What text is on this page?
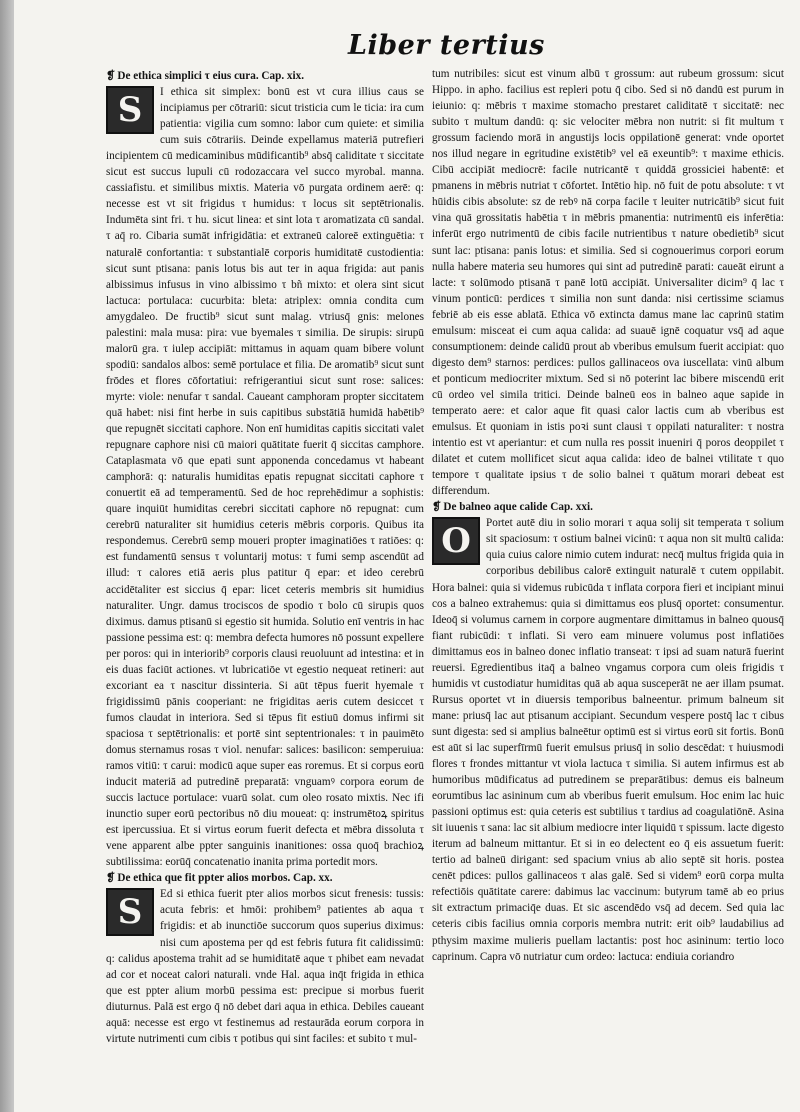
Liber tertius
❡ De ethica simplici τ eius cura. Cap. xix.
S	I ethica sit simplex: bonū est vt cura illius caus se incipiamus per cōtrariū: sicut tristicia cum le ticia: ira cum patientia: vigilia cum somno: labor cum quiete: et similia cum suis cōtrariis. Deinde expellamus materiā putrefieri incipientem cū medicaminibus mūdificantib⁹ absq̄ caliditate τ siccitate sicut est succus lupuli cū rodozaccara vel succo myrobal. manna. cassiafistu. et similibus mixtis. Materia vō purgata ordinem aerē: q: necesse est vt sit frigidus τ humidus: τ locus sit septētrionalis. Indumēta sint fri. τ hu. sicut linea: et sint lota τ aromatizata cū sandal. τ aq̄ ro. Cibaria sumāt infrigidātia: et extraneū caloreē extinguētia: τ naturalē confortantia: τ substantialē corporis humiditatē custodientia: sicut sunt ptisana: panis lotus bis aut ter in aqua frigida: aut panis albissimus infusus in vino albissimo τ bñ mixto: et olera sint sicut lactuca: portulaca: cucurbita: bleta: atriplex: omnia condita cum amygdaleo. De fructib⁹ sicut sunt malag. vtriusq̄ gnis: melones palestini: mala musa: pira: vue byemales τ similia. De sirupis: sirupū malorū gra. τ iulep accipiāt: mittamus in aquam quam bibere volunt spodiū: sandalos albos: semē portulace et filia. De aromatib⁹ sicut sunt frōdes et flores cōfortatiui: refrigerantiui sicut sunt rose: salices: myrte: viole: nenufar τ sandal. Caueant camphoram propter siccitatem quā habet: nisi fint herbe in suis capitibus substātiā humidā habētib⁹ que repugnēt siccitati caphore. Non enī humiditas capitis siccitati valet repugnare caphore nisi cū maiori quātitate fuerit q̄ siccitas camphore. Cataplasmata vō que epati sunt apponenda concedamus vt habeant camphorā: q: naturalis humiditas epatis repugnat siccitati caphore τ conuertit eā ad temperamentū. Sed de hoc reprehēdimur a sophistis: quare inquiūt humiditas cerebri siccitati caphore nō repugnat: cum cerebrū naturaliter sit humidius ceteris mēbris corporis. Quibus ita respondemus. Cerebrū semp moueri propter imaginatiōes τ ratiōes: q: est fundamentū sensus τ voluntarij motus: τ fumi semp ascendūt ad illud: τ calores etiā aeris plus patitur q̄ epar: et ideo cerebrū accidētaliter est siccius q̄ epar: licet ceteris membris sit humidius naturaliter. Ungr. damus trociscos de spodio τ bolo cū sirupis quos diximus. damus ptisanū si egestio sit humida. Solutio enī ventris in hac passione pessima est: q: membra defecta humores nō possunt expellere per poros: qui in interiorib⁹ corporis clausi reuoluunt ad intestina: et in eis duas faciūt actiones. vt lubricatiōe vt egestio nequeat retineri: aut excoriant ea τ nascitur dissinteria. Si aūt tēpus fuerit hyemale τ frigidissimū pānis cooperiant: ne frigiditas aeris cutem desiccet τ fumos claudat in interiora. Sed si tēpus fit estiuū domus infirmi sit spaciosa τ septētrionalis: et portē sint septentrionales: τ in pauimēto domus sternamus rosas τ viol. nenufar: salices: basilicon: semperuiua: ramos vitiū: τ carui: modicū aque super eas roremus. Et si corpus eorū inducit materiā ad putredinē preparatā: vnguamꝰ corpora eorum de succis lactuce portulace: vuarū solat. cum oleo rosato mixtis. Nec ifi inunctio super eorū pectoribus nō diu moueat: q: instrumētoꝝ spiritus est ipercussiua. Et si virtus eorum fuerit defecta et mēbra dissoluta τ vene apparent albe ppter sanguinis inanitiones: ossa quoq̄ brachioꝝ subtilissima: eorūq̄ concatenatio inanita prima portedit mors.

❡ De ethica que fit ppter alios morbos. Cap. xx.
S	Ed si ethica fuerit pter alios morbos sicut frenesis: tussis: acuta febris: et hmōi: prohibem⁹ patientes ab aqua τ frigidis: et ab inunctiōe succorum quos superius diximus: nisi cum apostema per qd est febris futura fit calidissimū: q: calidus apostema trahit ad se humiditatē aque τ phibet eam nevadat ad cor et noceat calori naturali. vnde Hal. aqua inq̄t frigida in ethica que est ppter alium morbū pessima est: precipue si morbus fuerit diuturnus. Palā est ergo q̄ nō debet dari aqua in ethica. Debiles caueant aquā: necesse est ergo vt festinemus ad restaurāda eorum corpora in virtute nutrimenti cum cibis τ potibus qui sint faciles: et subito τ mul-

tum nutribiles: sicut est vinum albū τ grossum: aut rubeum grossum: sicut Hippo. in apho. facilius est repleri potu q̄ cibo. Sed si nō dandū est purum in ieiunio: q: mēbris τ maxime stomacho prestaret caliditatē τ siccitatē: nec subito τ multum dandū: q: sic velociter mēbra non nutrit: si fit multum τ grossum faciendo morā in angustijs locis oppilationē generat: vnde oportet nos illud negare in egritudine existētib⁹ vel eā exeuntib⁹: τ maxime ethicis. Cibū accipiāt mediocrē: facile nutricantē τ quiddā grossiciei habentē: et pmanens in mēbris nutriat τ cōfortet. Intētio hip. nō fuit de potu absolute: τ vt hūidis cibis absolute: sz de rebꝰ nā corpa facile τ leuiter nutricātib⁹ sicut fuit vina quā grossitatis habētia τ in mēbris pmanentia: nutrimentū eis inferētia: inferūt ergo nutrimentū de cibis facile nutrientibus τ nature obedietib⁹ sicut sunt lac: ptisana: panis lotus: et similia. Sed si cognouerimus corpori eorum nulla habere materia seu humores qui sint ad putredinē parati: caueāt eirunt a lacte: τ solūmodo ptisanā τ panē lotū accipiāt. Universaliter dicim⁹ q̄ lac τ vinum ponticū: perdices τ similia non sunt danda: nisi certissime sciamus febriē ab eis esse ablatā. Ethica vō extincta damus mane lac caprinū statim emulsum: misceat ei cum aqua calida: ad suauē ignē coquatur vsq̄ ad aque consumptionem: deinde calidū prout ab vberibus emulsum fuerit accipiat: quo digesto dem⁹ starnos: perdices: pullos gallinaceos ova iuscellata: vinū album et ponticum mediocriter mixtum. Sed si nō poterint lac bibere miscendū erit cū ordeo vel simila tritici. Deinde balneū eos in balneo aque sapide in temperato aere: et calor aque fit quasi calor lactis cum ab vberibus est emulsus. Et quoniam in istis poꝛi sunt clausi τ oppilati naturaliter: τ nostra intentio est vt aperiantur: et cum nulla res possit inueniri q̄ poros deoppilet τ dilatet et cutem mollificet sicut aqua calida: ideo de balnei vtilitate τ quo tempore τ qualitate ipsius τ de solio balnei τ quātum morari debeat est differendum.

❡ De balneo aque calide Cap. xxi.
O	Portet autē diu in solio morari τ aqua solij sit temperata τ solium sit spaciosum: τ ostium balnei vicinū: τ aqua non sit multū calida: quia cuius calore nimio cutem indurat: necq̄ multus frigida quia in corporibus debilibus calorē extinguit naturalē τ cutem oppilabit. Hora balnei: quia si videmus rubicūda τ inflata corpora fieri et incipiant minui cos a balneo extrahemus: quia si dimittamus eos plusq̄ oportet: consumentur. Ideoq̄ si volumus carnem in corpore augmentare dimittamus in balneo quousq̄ fiant rubicūdi: τ inflati. Si vero eam minuere volumus post inflatiōes dimittamus eos in balneo donec inflatio transeat: τ ipsi ad suam naturā fuerint reuersi. Egredientibus itaq̄ a balneo vngamus corpora cum oleis frigidis τ humidis vt custodiatur humiditas quā ab aqua susceperāt ne aer illam psumat. Rursus oportet vt in diuersis temporibus balneentur. primum balneum sit mane: priusq̄ lac aut ptisanum accipiant. Secundum vespere postq̄ lac τ cibus sunt digesta: sed si amplius balneētur optimū est si virtus eorū sit fortis. Bonū est aūt si lac superfīrmū fuerit emulsus priusq̄ in solio descēdat: τ huiusmodi flores τ frondes mittantur vt viola lactuca τ similia. Si autem infirmus est ab humoribus mūdificatus ad putredinem se preparātibus: demus eis balneum eorumtibus lac asininum cum ab vberibus fuerit emulsum. Hoc enim lac huic passioni optimus est: quia ceteris est subtilius τ tardius ad coagulatiōnē. Asina sit iuuenis τ sana: lac sit albium mediocre inter liquidū τ spissum. lacte digesto iterum ad balneum mittantur. Et si in eo delectent eo q̄ eis assuetum fuerit: tertio ad balneū dirigant: sed spacium vnius ab alio septē sit horis. postea cenēt pdices: pullos gallinaceos τ alas galē. Sed si videm⁹ eorū corpa multa refectiōis quātitate carere: dabimus lac vaccinum: butyrum tamē ab eo prius sit extractum primaciq̄e duas. Et sic ascendēdo vsq̄ ad decem. Sed quia lac ceteris cibis facilius omnia corporis membra nutrit: erit oib⁹ laudabilius ad pthysim maxime mulieris puellam lactantis: post hoc asininum: tertio loco caprinum. Capra vō nutriatur cum ordeo: lactuca: endiuia coriandro
